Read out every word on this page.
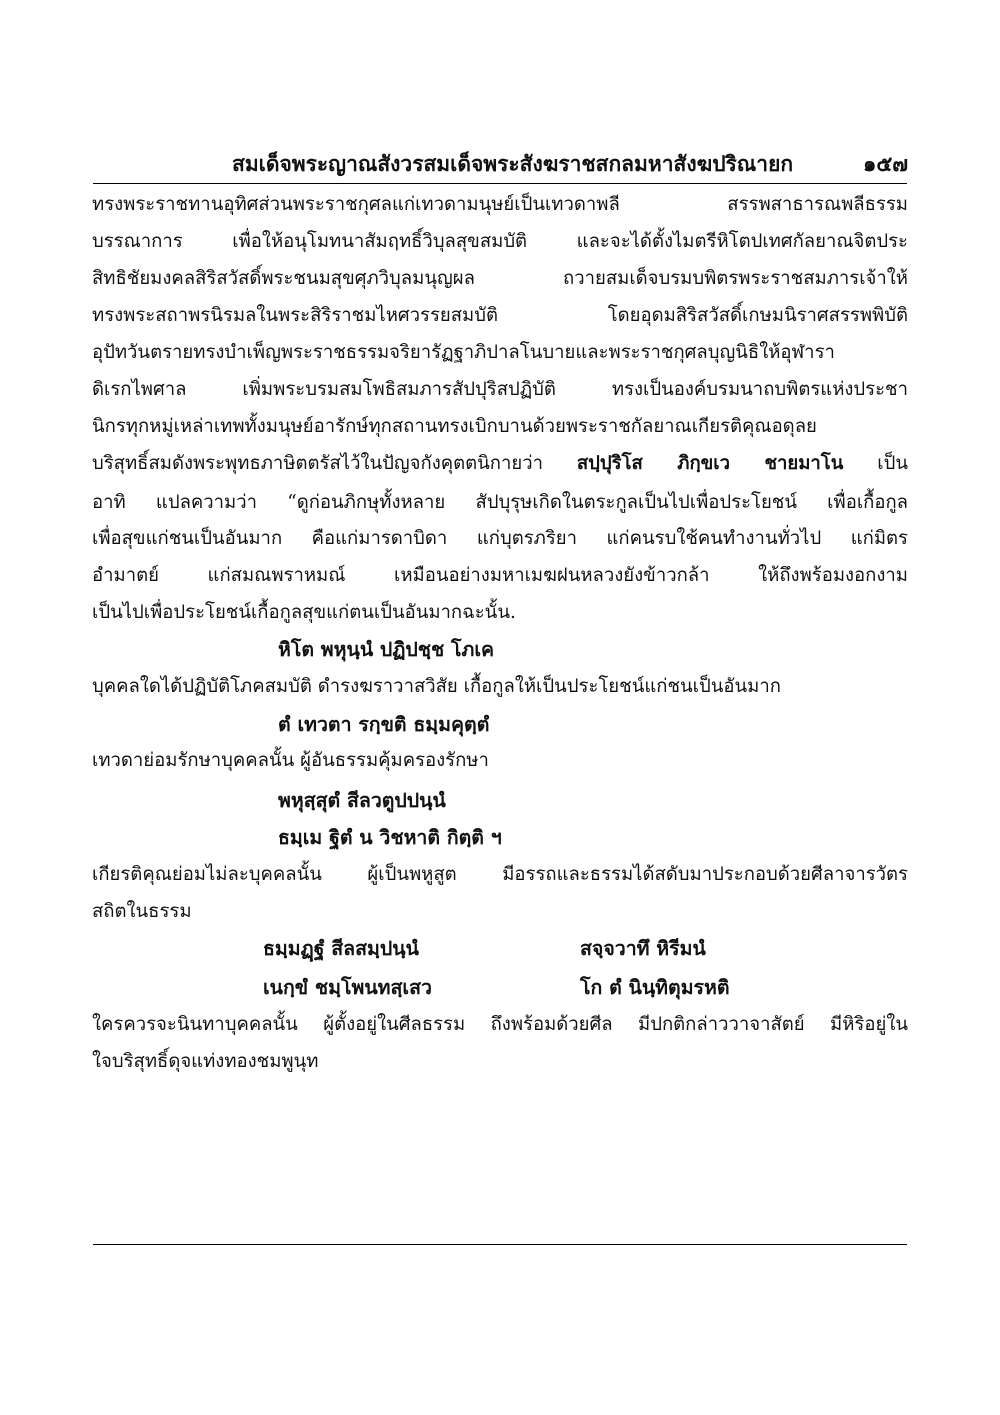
สมเด็จพระญาณสังวรสมเด็จพระสังฆราชสกลมหาสังฆปริณายก	๑๕๗
ทรงพระราชทานอุทิศส่วนพระราชกุศลแก่เทวดามนุษย์เป็นเทวดาพลี สรรพสาธารณพลีธรรม
บรรณาการ เพื่อให้อนุโมทนาสัมฤทธิ์วิบุลสุขสมบัติ และจะได้ตั้งไมตรีหิโตปเทศกัลยาณจิตประ
สิทธิชัยมงคลสิริสวัสดิ์พระชนมสุขศุภวิบุลมนุญผล ถวายสมเด็จบรมบพิตรพระราชสมภารเจ้าให้
ทรงพระสถาพรนิรมลในพระสิริราชมไหศวรรยสมบัติ โดยอุดมสิริสวัสดิ์เกษมนิราศสรรพพิบัติ
อุปัทวันตรายทรงบำเพ็ญพระราชธรรมจริยารัฏฐาภิปาลโนบายและพระราชกุศลบุญนิธิให้อุฬารา
ดิเรกไพศาล เพิ่มพระบรมสมโพธิสมภารสัปปุริสปฏิบัติ ทรงเป็นองค์บรมนาถบพิตรแห่งประชา
นิกรทุกหมู่เหล่าเทพทั้งมนุษย์อารักษ์ทุกสถานทรงเบิกบานด้วยพระราชกัลยาณเกียรติคุณอดุลย
บริสุทธิ์สมดังพระพุทธภาษิตตรัสไว้ในปัญจกังคุตตนิกายว่า สปฺปุริโส ภิกฺขเว ชายมาโน เป็น
อาทิ แปลความว่า “ดูก่อนภิกษุทั้งหลาย สัปบุรุษเกิดในตระกูลเป็นไปเพื่อประโยชน์ เพื่อเกื้อกูล
เพื่อสุขแก่ชนเป็นอันมาก คือแก่มารดาบิดา แก่บุตรภริยา แก่คนรบใช้คนทำงานทั่วไป แก่มิตร
อำมาตย์ แก่สมณพราหมณ์ เหมือนอย่างมหาเมฆฝนหลวงยังข้าวกล้า ให้ถึงพร้อมงอกงาม
เป็นไปเพื่อประโยชน์เกื้อกูลสุขแก่ตนเป็นอันมากฉะนั้น.
หิโต พหุนฺนํ ปฏิปชฺช โภเค
บุคคลใดได้ปฏิบัติโภคสมบัติ ดำรงฆราวาสวิสัย เกื้อกูลให้เป็นประโยชน์แก่ชนเป็นอันมาก
ตํ เทวตา รกฺขติ ธมฺมคุตฺตํ
เทวดาย่อมรักษาบุคคลนั้น ผู้อันธรรมคุ้มครองรักษา
พหุสฺสุตํ สีลวตูปปนฺนํ
ธมฺเม ฐิตํ น วิชหาติ กิตฺติ ฯ
เกียรติคุณย่อมไม่ละบุคคลนั้น ผู้เป็นพหูสูต มีอรรถและธรรมได้สดับมาประกอบด้วยศีลาจารวัตร
สถิตในธรรม
ธมฺมฏฺฐํ สีลสมฺปนฺนํ	สจฺจวาทึ หิรีมนํ
เนกฺขํ ชมฺโพนทสฺเสว	โก ตํ นินฺทิตุมรหติ
ใครควรจะนินทาบุคคลนั้น ผู้ตั้งอยู่ในศีลธรรม ถึงพร้อมด้วยศีล มีปกติกล่าววาจาสัตย์ มีหิริอยู่ใน
ใจบริสุทธิ์ดุจแท่งทองชมพูนุท
